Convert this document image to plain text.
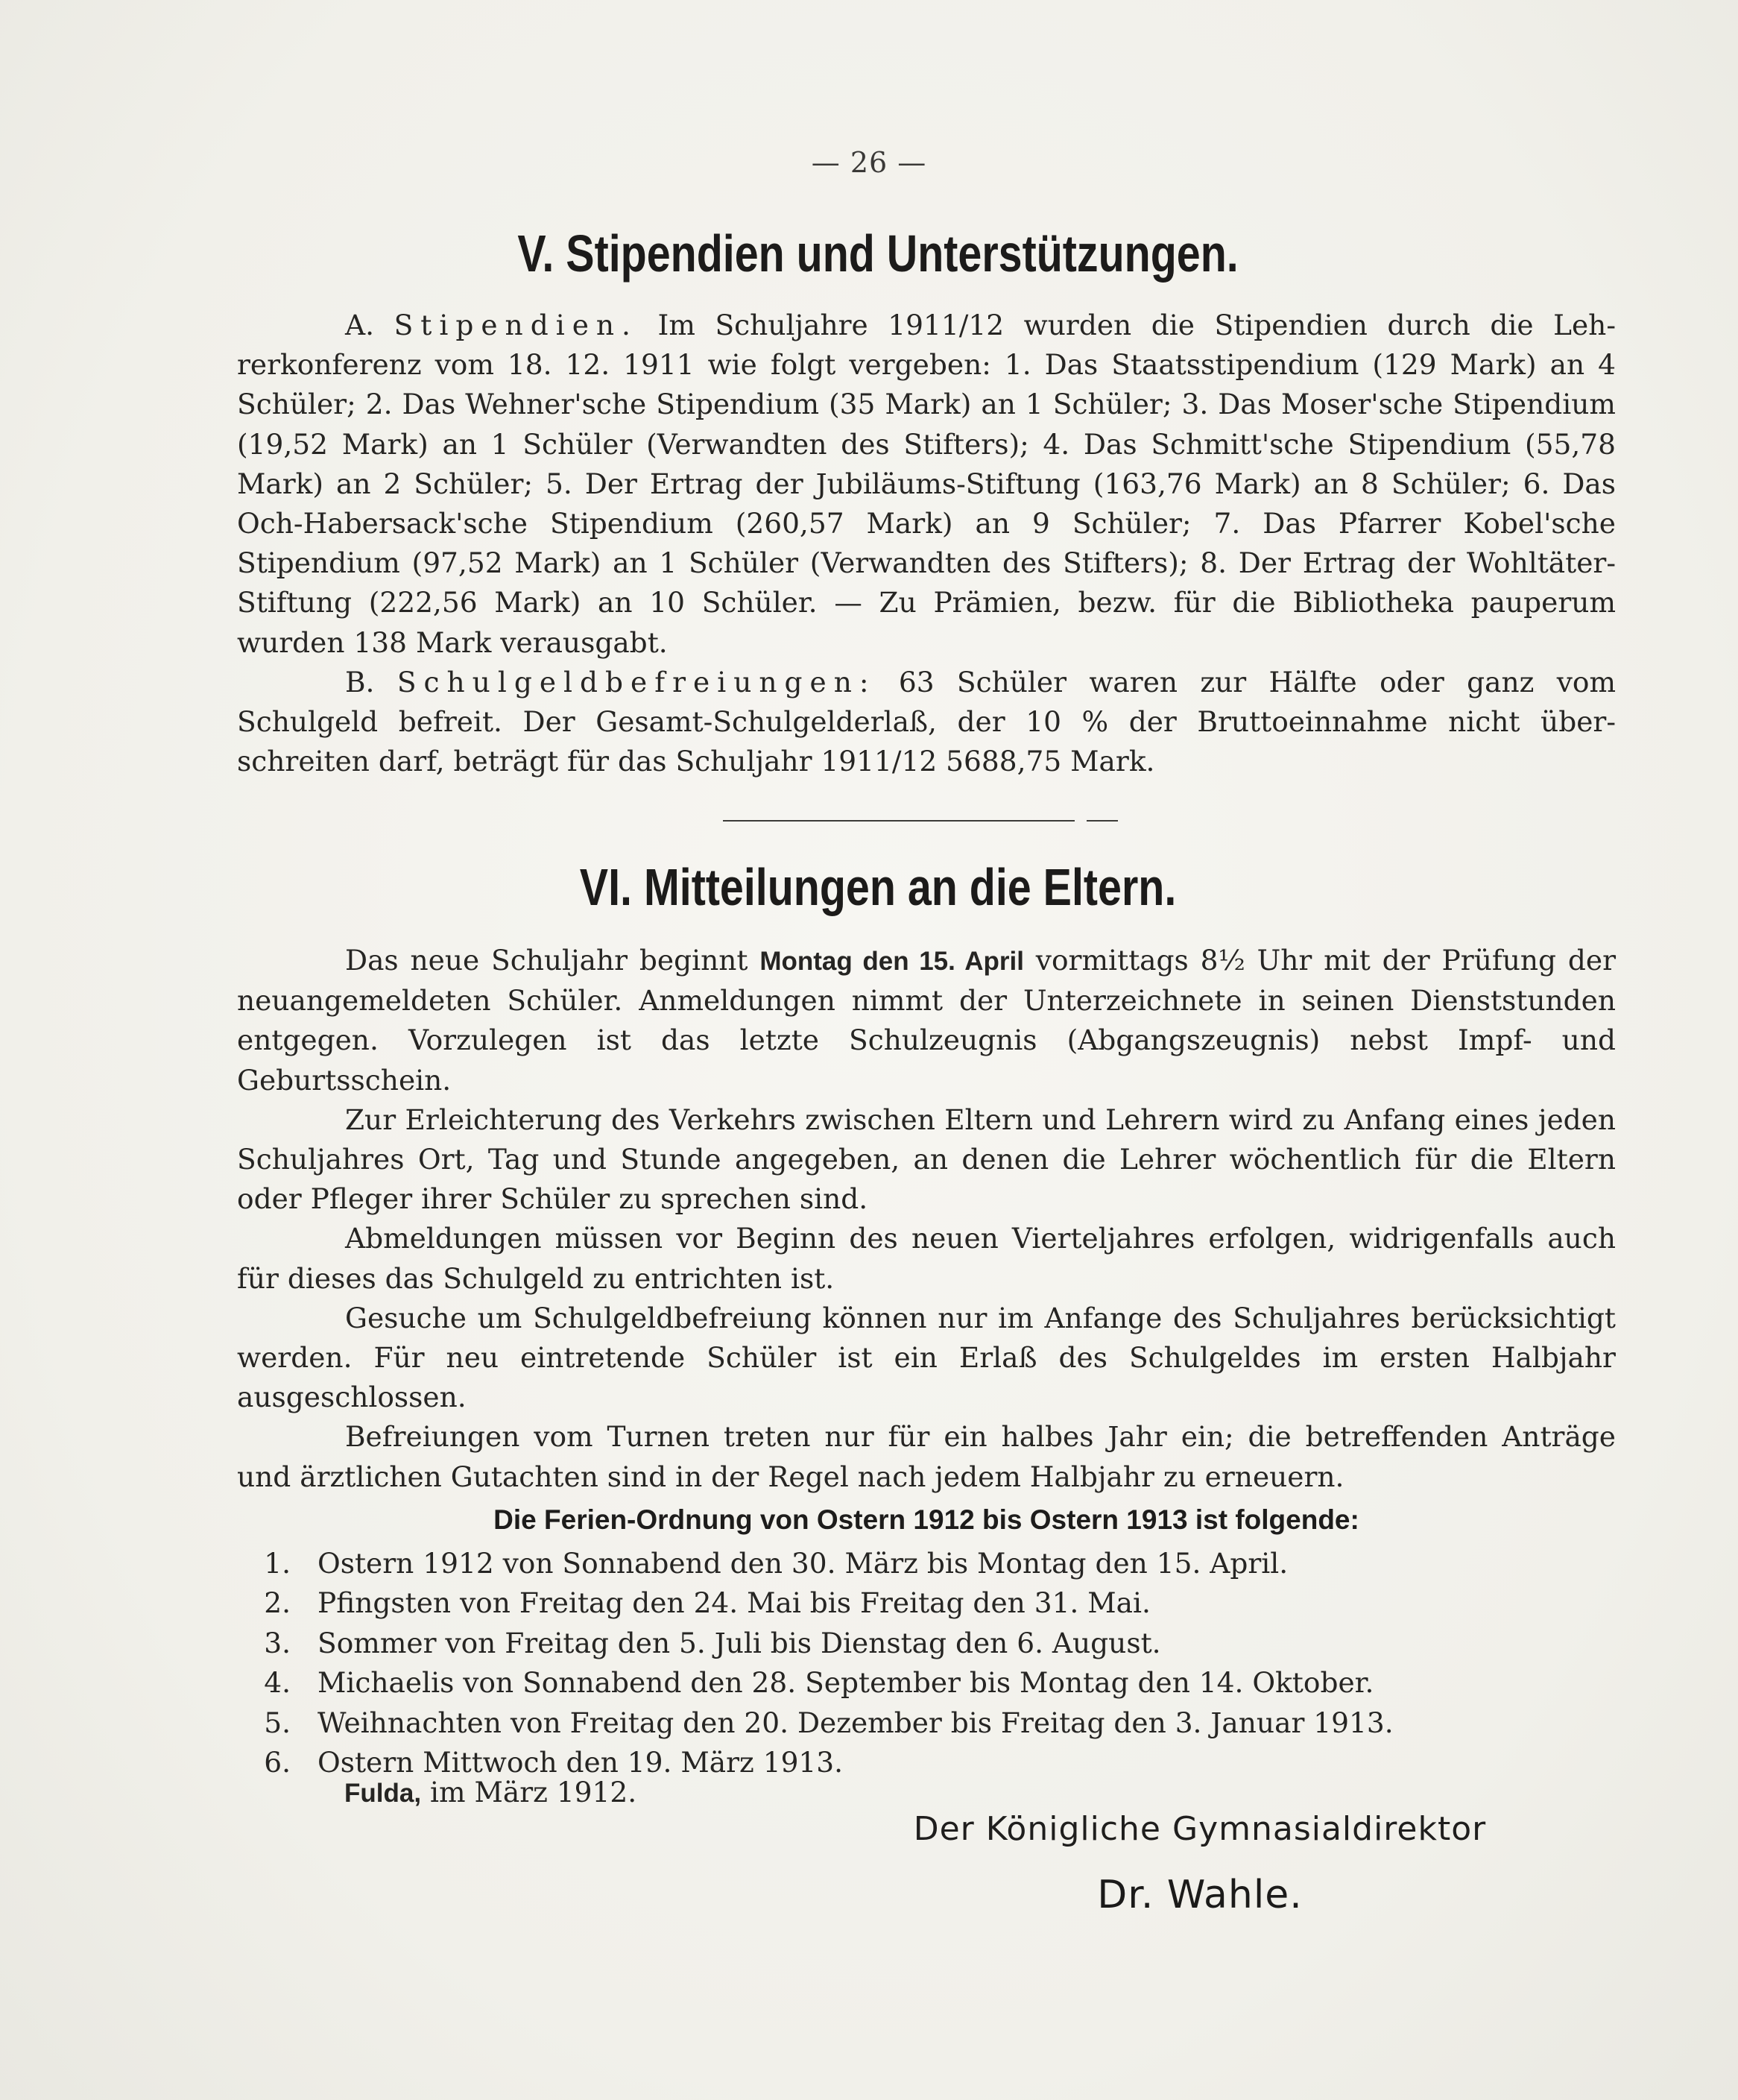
— 26 —
V. Stipendien und Unterstützungen.

A. Stipendien. Im Schuljahre 1911/12 wurden die Stipendien durch die Lehrerkonferenz vom 18. 12. 1911 wie folgt vergeben: 1. Das Staatsstipendium (129 Mark) an 4 Schüler; 2. Das Wehner'sche Stipendium (35 Mark) an 1 Schüler; 3. Das Moser'sche Stipendium (19,52 Mark) an 1 Schüler (Verwandten des Stifters); 4. Das Schmitt'sche Stipendium (55,78 Mark) an 2 Schüler; 5. Der Ertrag der Jubiläums-Stiftung (163,76 Mark) an 8 Schüler; 6. Das Och-Habersack'sche Stipendium (260,57 Mark) an 9 Schüler; 7. Das Pfarrer Kobel'sche Stipendium (97,52 Mark) an 1 Schüler (Verwandten des Stifters); 8. Der Ertrag der Wohltäter-Stiftung (222,56 Mark) an 10 Schüler. — Zu Prämien, bezw. für die Bibliotheka pauperum wurden 138 Mark verausgabt.

B. Schulgeldbefreiungen: 63 Schüler waren zur Hälfte oder ganz vom Schulgeld befreit. Der Gesamt-Schulgelderlaß, der 10 % der Bruttoeinnahme nicht überschreiten darf, beträgt für das Schuljahr 1911/12 5688,75 Mark.

VI. Mitteilungen an die Eltern.

Das neue Schuljahr beginnt Montag den 15. April vormittags 8½ Uhr mit der Prüfung der neuangemeldeten Schüler. Anmeldungen nimmt der Unterzeichnete in seinen Dienststunden entgegen. Vorzulegen ist das letzte Schulzeugnis (Abgangszeugnis) nebst Impf- und Geburtsschein.

Zur Erleichterung des Verkehrs zwischen Eltern und Lehrern wird zu Anfang eines jeden Schuljahres Ort, Tag und Stunde angegeben, an denen die Lehrer wöchentlich für die Eltern oder Pfleger ihrer Schüler zu sprechen sind.

Abmeldungen müssen vor Beginn des neuen Vierteljahres erfolgen, widrigenfalls auch für dieses das Schulgeld zu entrichten ist.

Gesuche um Schulgeldbefreiung können nur im Anfange des Schuljahres berücksichtigt werden. Für neu eintretende Schüler ist ein Erlaß des Schulgeldes im ersten Halbjahr ausgeschlossen.

Befreiungen vom Turnen treten nur für ein halbes Jahr ein; die betreffenden Anträge und ärztlichen Gutachten sind in der Regel nach jedem Halbjahr zu erneuern.

Die Ferien-Ordnung von Ostern 1912 bis Ostern 1913 ist folgende:
1. Ostern 1912 von Sonnabend den 30. März bis Montag den 15. April.
2. Pfingsten von Freitag den 24. Mai bis Freitag den 31. Mai.
3. Sommer von Freitag den 5. Juli bis Dienstag den 6. August.
4. Michaelis von Sonnabend den 28. September bis Montag den 14. Oktober.
5. Weihnachten von Freitag den 20. Dezember bis Freitag den 3. Januar 1913.
6. Ostern Mittwoch den 19. März 1913.
Fulda, im März 1912.
Der Königliche Gymnasialdirektor
Dr. Wahle.
